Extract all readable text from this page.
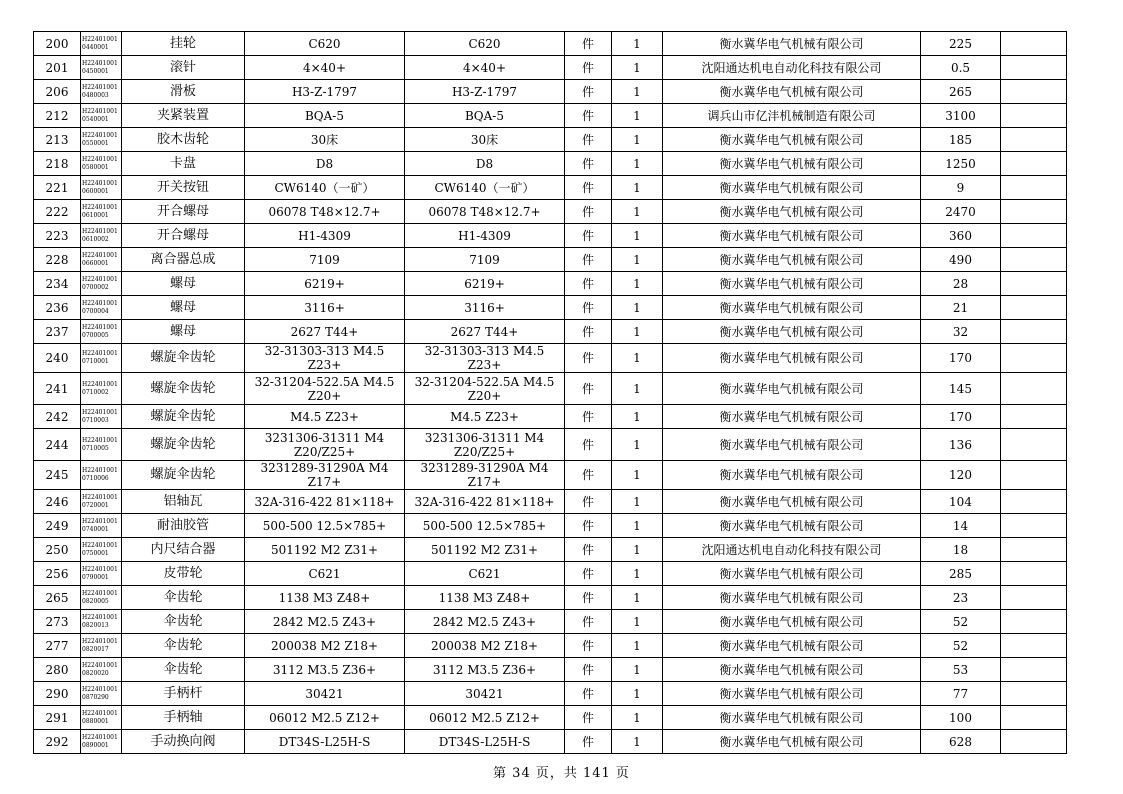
200	H22401001 0440001	挂轮	C620	C620	件	1	衡水冀华电气机械有限公司	225	
201	H22401001 0450001	滚针	4×40+	4×40+	件	1	沈阳通达机电自动化科技有限公司	0.5	
206	H22401001 0480003	滑板	H3-Z-1797	H3-Z-1797	件	1	衡水冀华电气机械有限公司	265	
212	H22401001 0540001	夹紧装置	BQA-5	BQA-5	件	1	调兵山市亿沣机械制造有限公司	3100	
213	H22401001 0550001	胶木齿轮	30床	30床	件	1	衡水冀华电气机械有限公司	185	
218	H22401001 0580001	卡盘	D8	D8	件	1	衡水冀华电气机械有限公司	1250	
221	H22401001 0600001	开关按钮	CW6140（一矿）	CW6140（一矿）	件	1	衡水冀华电气机械有限公司	9	
222	H22401001 0610001	开合螺母	06078 T48×12.7+	06078 T48×12.7+	件	1	衡水冀华电气机械有限公司	2470	
223	H22401001 0610002	开合螺母	H1-4309	H1-4309	件	1	衡水冀华电气机械有限公司	360	
228	H22401001 0660001	离合器总成	7109	7109	件	1	衡水冀华电气机械有限公司	490	
234	H22401001 0700002	螺母	6219+	6219+	件	1	衡水冀华电气机械有限公司	28	
236	H22401001 0700004	螺母	3116+	3116+	件	1	衡水冀华电气机械有限公司	21	
237	H22401001 0700005	螺母	2627 T44+	2627 T44+	件	1	衡水冀华电气机械有限公司	32	
240	H22401001 0710001	螺旋伞齿轮	32-31303-313 M4.5 Z23+	32-31303-313 M4.5 Z23+	件	1	衡水冀华电气机械有限公司	170	
241	H22401001 0710002	螺旋伞齿轮	32-31204-522.5A M4.5 Z20+	32-31204-522.5A M4.5 Z20+	件	1	衡水冀华电气机械有限公司	145	
242	H22401001 0710003	螺旋伞齿轮	M4.5 Z23+	M4.5 Z23+	件	1	衡水冀华电气机械有限公司	170	
244	H22401001 0710005	螺旋伞齿轮	3231306-31311 M4 Z20/Z25+	3231306-31311 M4 Z20/Z25+	件	1	衡水冀华电气机械有限公司	136	
245	H22401001 0710006	螺旋伞齿轮	3231289-31290A M4 Z17+	3231289-31290A M4 Z17+	件	1	衡水冀华电气机械有限公司	120	
246	H22401001 0720001	铝轴瓦	32A-316-422 81×118+	32A-316-422 81×118+	件	1	衡水冀华电气机械有限公司	104	
249	H22401001 0740001	耐油胶管	500-500 12.5×785+	500-500 12.5×785+	件	1	衡水冀华电气机械有限公司	14	
250	H22401001 0750001	内尺结合器	501192 M2 Z31+	501192 M2 Z31+	件	1	沈阳通达机电自动化科技有限公司	18	
256	H22401001 0790001	皮带轮	C621	C621	件	1	衡水冀华电气机械有限公司	285	
265	H22401001 0820005	伞齿轮	1138 M3 Z48+	1138 M3 Z48+	件	1	衡水冀华电气机械有限公司	23	
273	H22401001 0820013	伞齿轮	2842 M2.5 Z43+	2842 M2.5 Z43+	件	1	衡水冀华电气机械有限公司	52	
277	H22401001 0820017	伞齿轮	200038 M2 Z18+	200038 M2 Z18+	件	1	衡水冀华电气机械有限公司	52	
280	H22401001 0820020	伞齿轮	3112 M3.5 Z36+	3112 M3.5 Z36+	件	1	衡水冀华电气机械有限公司	53	
290	H22401001 0870290	手柄杆	30421	30421	件	1	衡水冀华电气机械有限公司	77	
291	H22401001 0880001	手柄轴	06012 M2.5 Z12+	06012 M2.5 Z12+	件	1	衡水冀华电气机械有限公司	100	
292	H22401001 0890001	手动换向阀	DT34S-L25H-S	DT34S-L25H-S	件	1	衡水冀华电气机械有限公司	628	
第 34 页，共 141 页
